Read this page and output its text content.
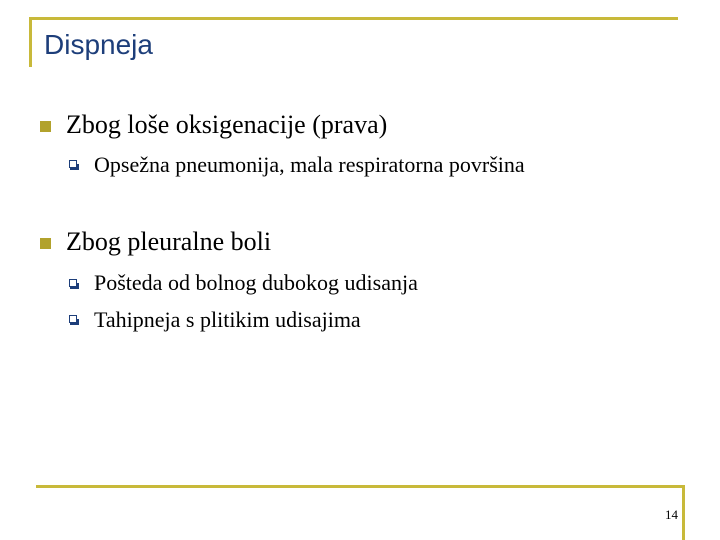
Dispneja
Zbog loše oksigenacije (prava)
Opsežna pneumonija, mala respiratorna površina
Zbog pleuralne boli
Pošteda od bolnog dubokog udisanja
Tahipneja s plitikim udisajima
14
